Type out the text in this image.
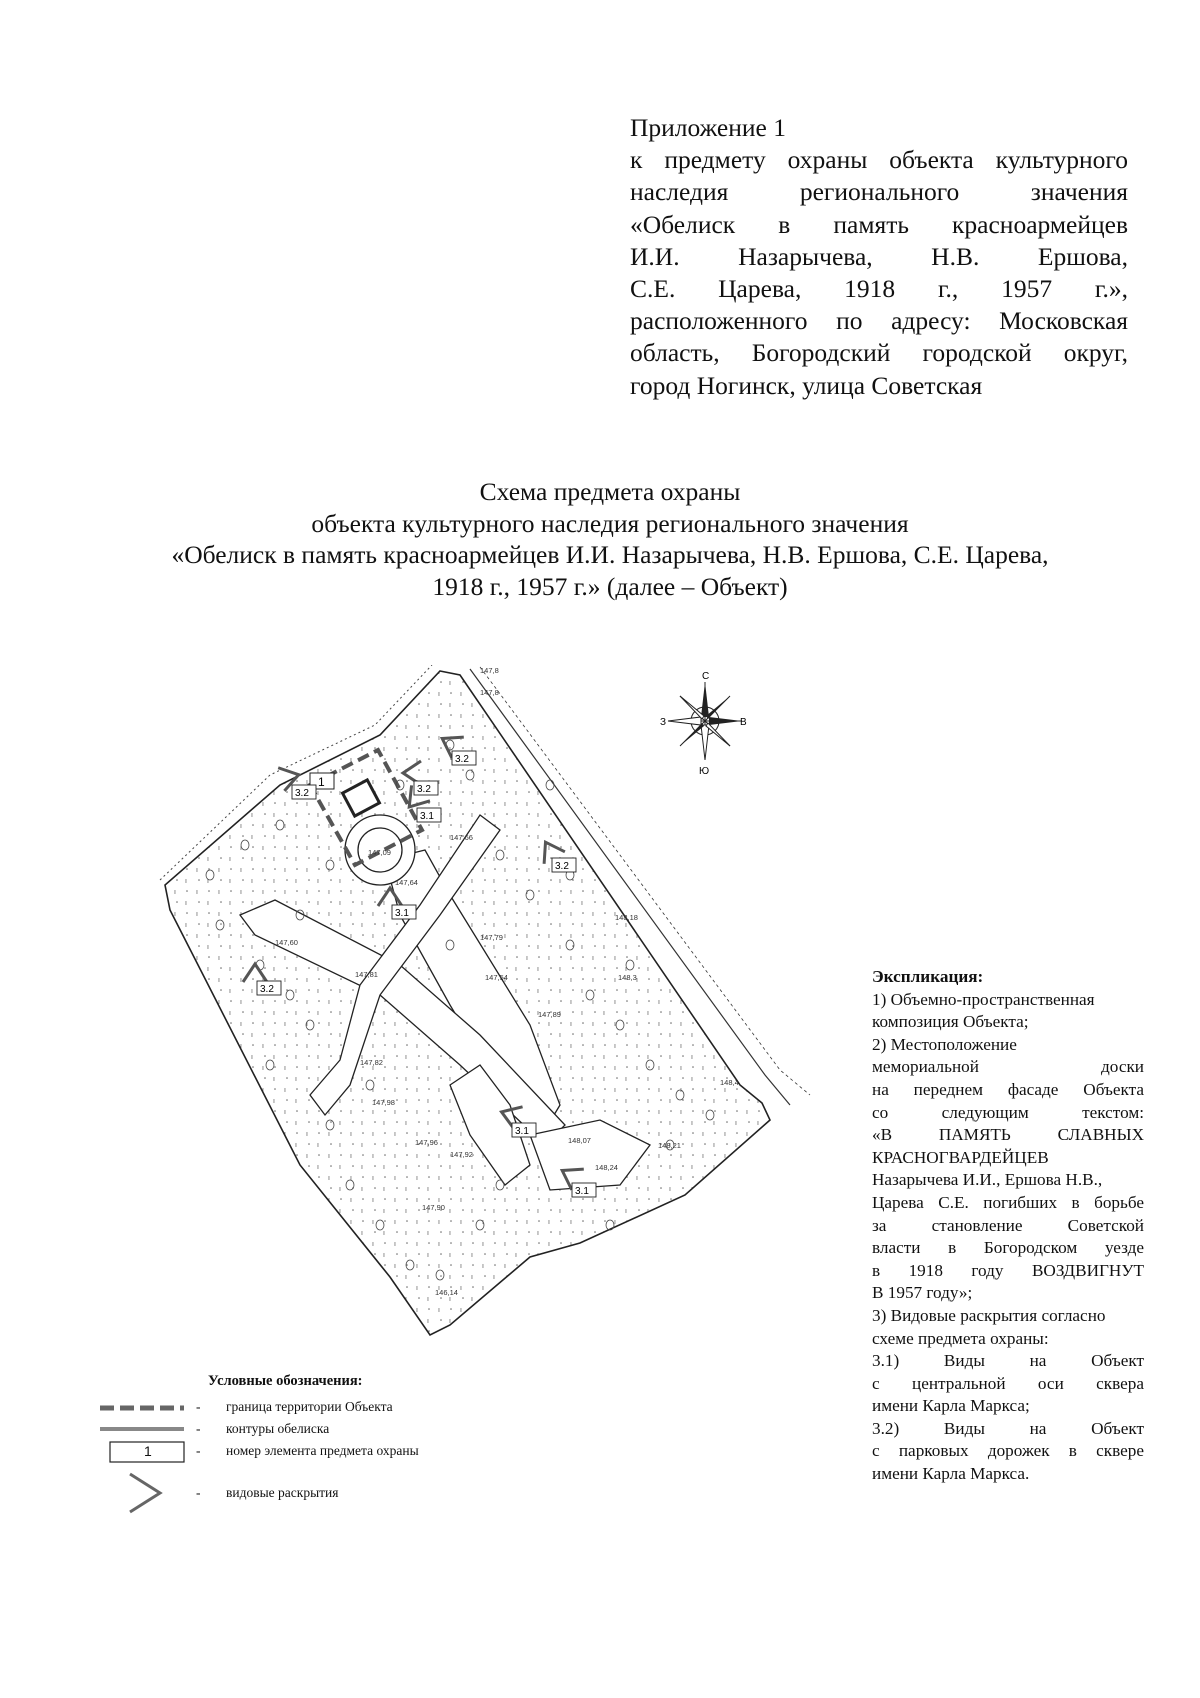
Приложение 1
к предмету охраны объекта культурного
наследия регионального значения
«Обелиск в память красноармейцев
И.И. Назарычева, Н.В. Ершова,
С.Е. Царева, 1918 г., 1957 г.»,
расположенного по адресу: Московская
область, Богородский городской округ,
город Ногинск, улица Советская
Схема предмета охраны
объекта культурного наследия регионального значения
«Обелиск в память красноармейцев И.И. Назарычева, Н.В. Ершова, С.Е. Царева,
1918 г., 1957 г.» (далее – Объект)
С
Ю
З	В
1
3.1
3.1
3.1
3.1
3.2
3.2
3.2
3.2
3.2
147,8
147,8
147,66
147,09
147,64
147,79
147,60
147,81	147,54
147,89
147,82
147,98
147,96
147,92
147,90
148,07
148,24
148,18
148,3
148,4
148,21
146,14
Экспликация:
1) Объемно-пространственная
композиция Объекта;
2) Местоположение
мемориальной доски
на переднем фасаде Объекта
со следующим текстом:
«В ПАМЯТЬ СЛАВНЫХ
КРАСНОГВАРДЕЙЦЕВ
Назарычева И.И., Ершова Н.В.,
Царева С.Е. погибших в борьбе
за становление Советской
власти в Богородском уезде
в 1918 году ВОЗДВИГНУТ
В 1957 году»;
3) Видовые раскрытия согласно
схеме предмета охраны:
3.1) Виды на Объект
с центральной оси сквера
имени Карла Маркса;
3.2) Виды на Объект
с парковых дорожек в сквере
имени Карла Маркса.
Условные обозначения:
- граница территории Объекта
- контуры обелиска
1	- номер элемента предмета охраны
- видовые раскрытия
